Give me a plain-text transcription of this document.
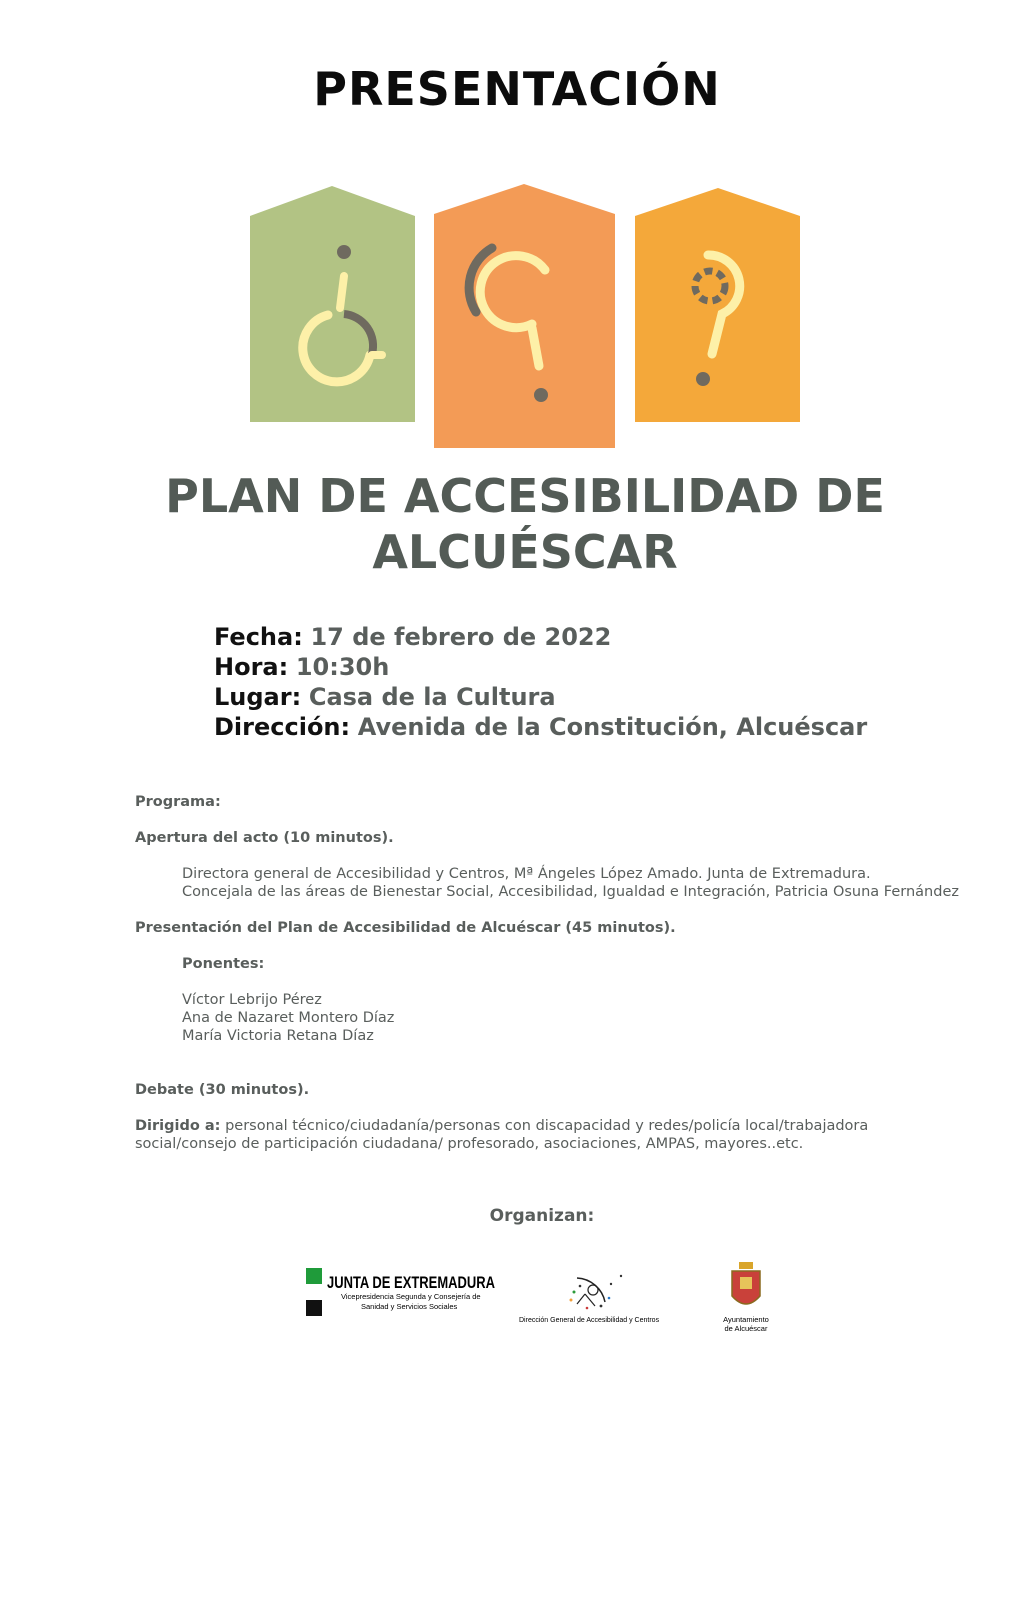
PRESENTACIÓN
PLAN DE ACCESIBILIDAD DE
ALCUÉSCAR
Fecha: 17 de febrero de 2022
Hora: 10:30h
Lugar: Casa de la Cultura
Dirección: Avenida de la Constitución, Alcuéscar
Programa:
Apertura del acto (10 minutos).
Directora general de Accesibilidad y Centros, Mª Ángeles López Amado. Junta de Extremadura.
Concejala de las áreas de Bienestar Social, Accesibilidad, Igualdad e Integración, Patricia Osuna Fernández
Presentación del Plan de Accesibilidad de Alcuéscar (45 minutos).
Ponentes:
Víctor Lebrijo Pérez
Ana de Nazaret Montero Díaz
María Victoria Retana Díaz
Debate (30 minutos).
Dirigido a: personal técnico/ciudadanía/personas con discapacidad y redes/policía local/trabajadora
social/consejo de participación ciudadana/ profesorado, asociaciones, AMPAS, mayores..etc.
Organizan:
JUNTA DE EXTREMADURA
Vicepresidencia Segunda y Consejería de
Sanidad y Servicios Sociales
Dirección General de Accesibilidad y Centros	Ayuntamiento
de Alcuéscar
